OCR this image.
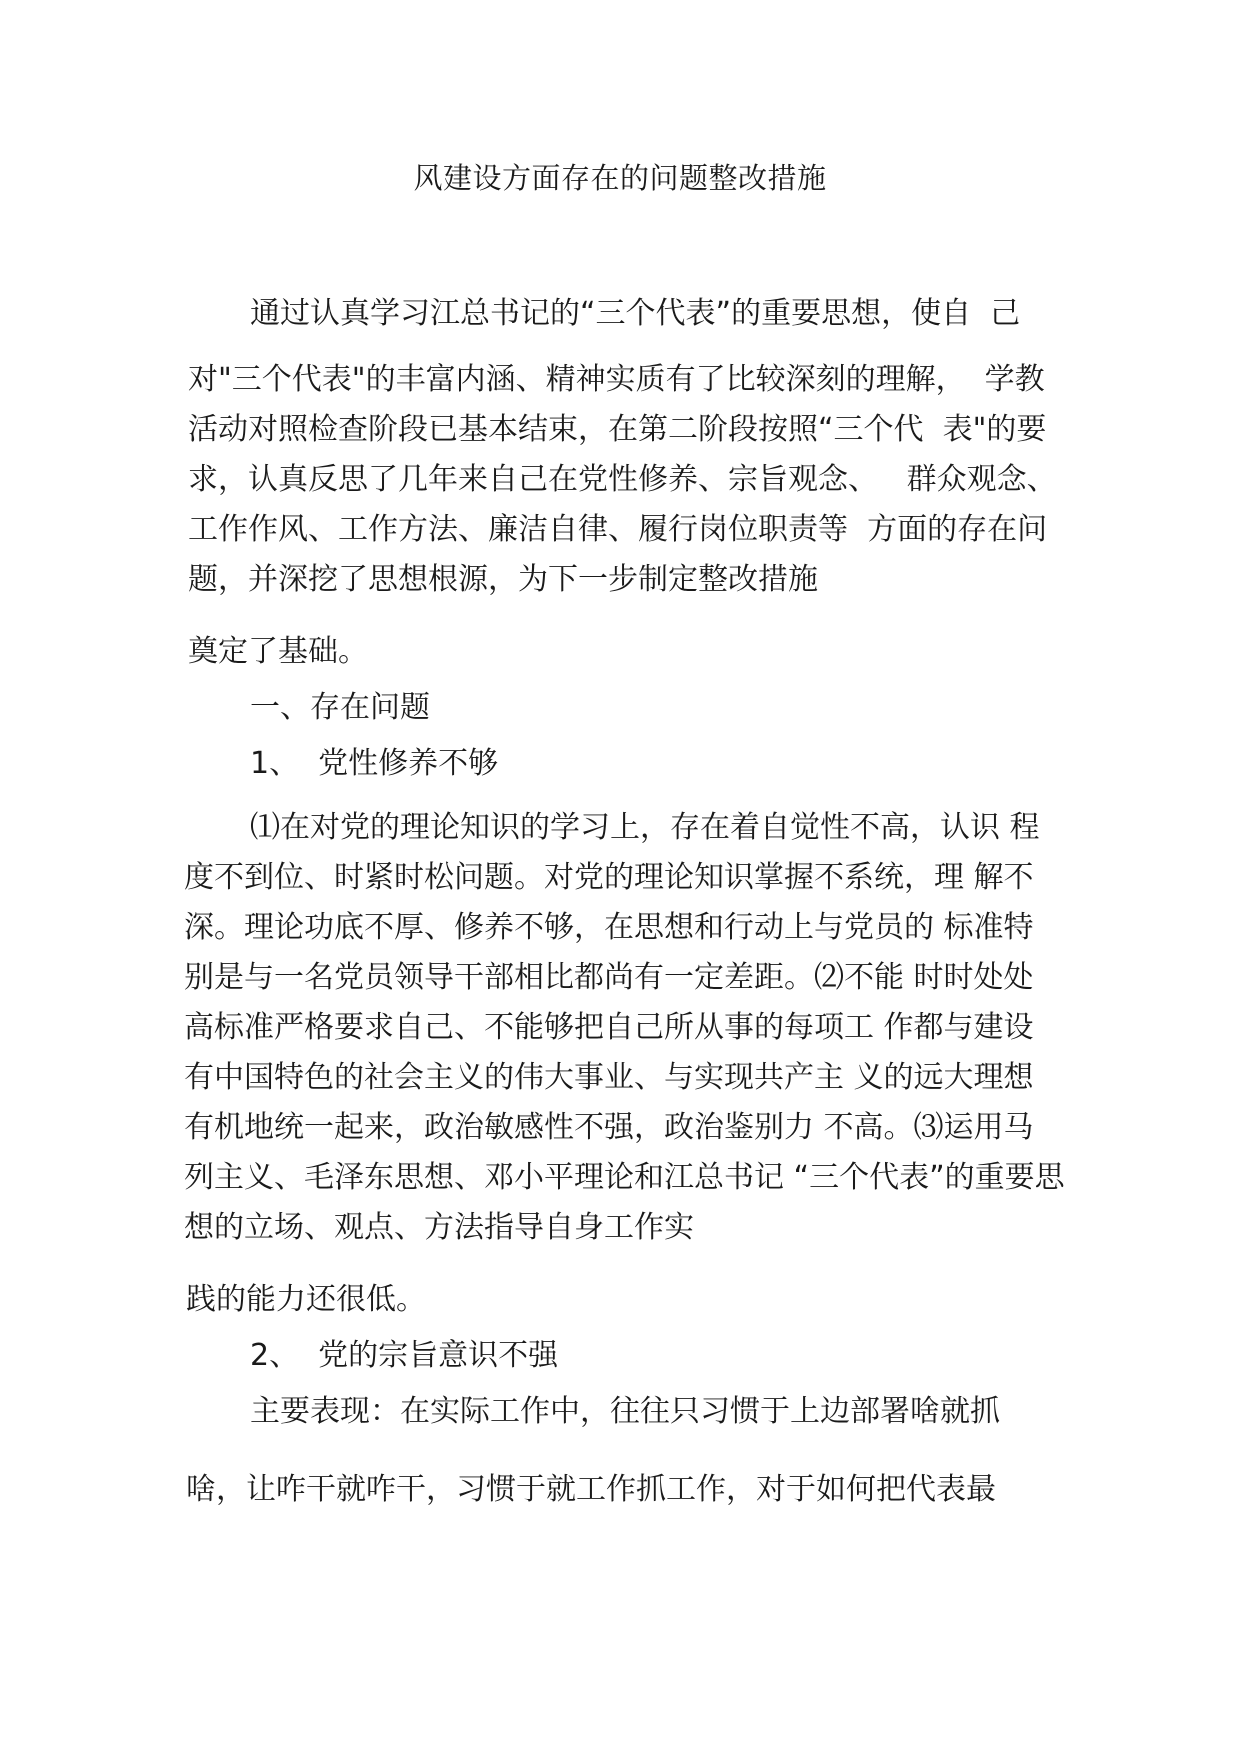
风建设方面存在的问题整改措施
通过认真学习江总书记的“三个代表”的重要思想，使自  己
对"三个代表"的丰富内涵、精神实质有了比较深刻的理解，  学教
活动对照检查阶段已基本结束，在第二阶段按照“三个代  表"的要
求，认真反思了几年来自己在党性修养、宗旨观念、   群众观念、
工作作风、工作方法、廉洁自律、履行岗位职责等  方面的存在问
题，并深挖了思想根源，为下一步制定整改措施
奠定了基础。
一、存在问题
1、  党性修养不够
⑴在对党的理论知识的学习上，存在着自觉性不高，认识 程
度不到位、时紧时松问题。对党的理论知识掌握不系统，理 解不
深。理论功底不厚、修养不够，在思想和行动上与党员的 标准特
别是与一名党员领导干部相比都尚有一定差距。⑵不能 时时处处
高标准严格要求自己、不能够把自己所从事的每项工 作都与建设
有中国特色的社会主义的伟大事业、与实现共产主 义的远大理想
有机地统一起来，政治敏感性不强，政治鉴别力 不高。⑶运用马
列主义、毛泽东思想、邓小平理论和江总书记 “三个代表”的重要思
想的立场、观点、方法指导自身工作实
践的能力还很低。
2、  党的宗旨意识不强
主要表现：在实际工作中，往往只习惯于上边部署啥就抓
啥，让咋干就咋干，习惯于就工作抓工作，对于如何把代表最
